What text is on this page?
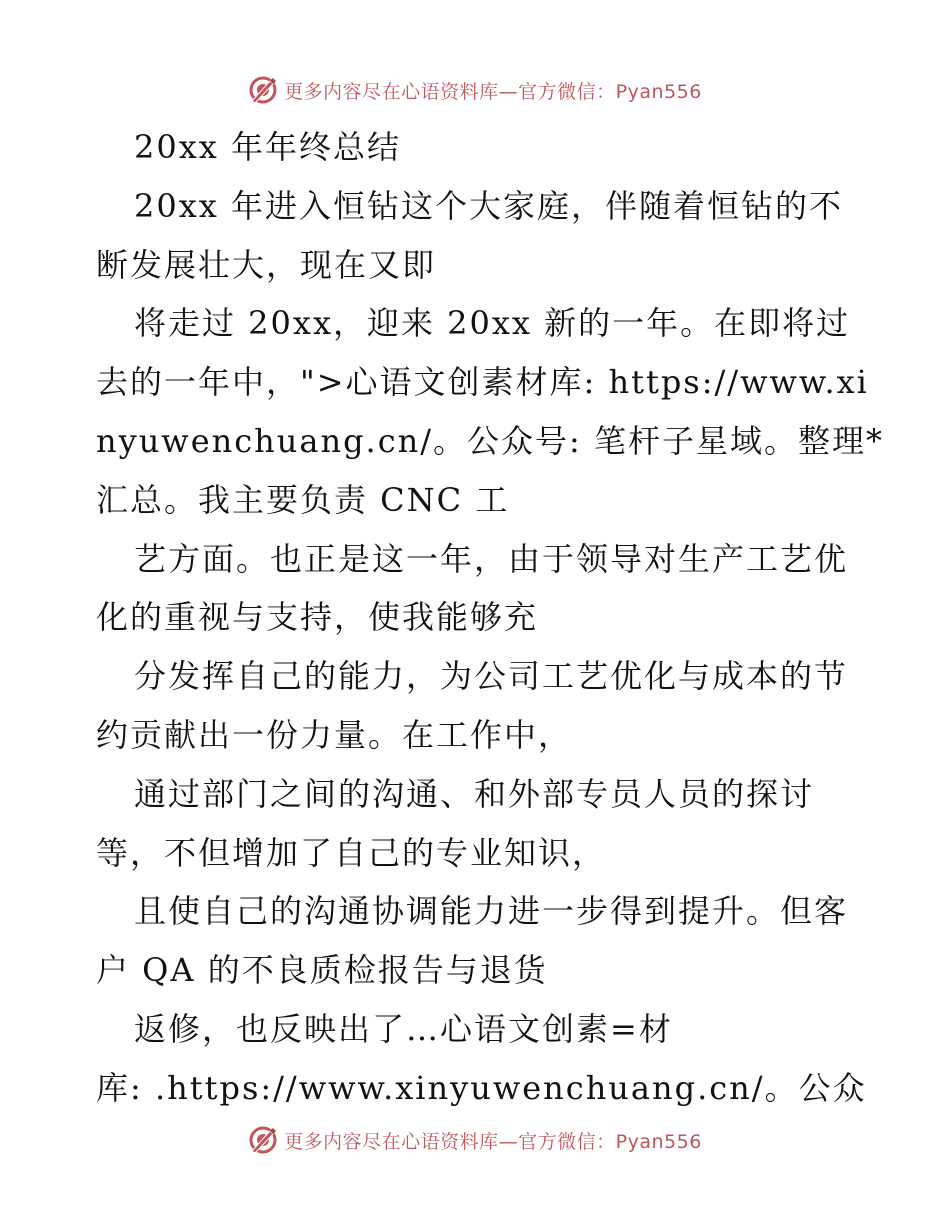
更多内容尽在心语资料库—官方微信：Pyan556
20xx 年年终总结
20xx 年进入恒钻这个大家庭，伴随着恒钻的不
断发展壮大，现在又即
将走过 20xx，迎来 20xx 新的一年。在即将过
去的一年中，">心语文创素材库: https://www.xi
nyuwenchuang.cn/。公众号: 笔杆子星域。整理*
汇总。我主要负责 CNC 工
艺方面。也正是这一年，由于领导对生产工艺优
化的重视与支持，使我能够充
分发挥自己的能力，为公司工艺优化与成本的节
约贡献出一份力量。在工作中，
通过部门之间的沟通、和外部专员人员的探讨
等，不但增加了自己的专业知识，
且使自己的沟通协调能力进一步得到提升。但客
户 QA 的不良质检报告与退货
返修，也反映出了…心语文创素=材
库: .https://www.xinyuwenchuang.cn/。公众
更多内容尽在心语资料库—官方微信：Pyan556
